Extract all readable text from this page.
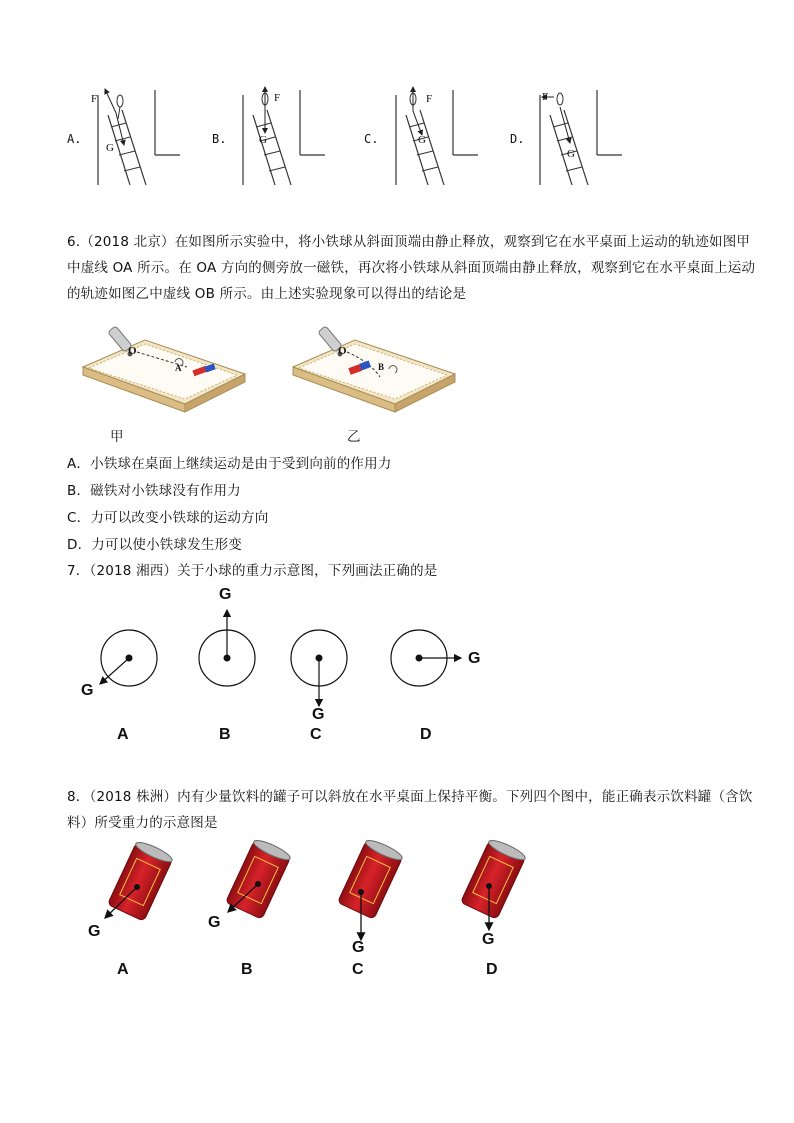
A.
F
G
B.
F
G	C.
F
G	D.
F
G
6.（2018 北京）在如图所示实验中，将小铁球从斜面顶端由静止释放，观察到它在水平桌面上运动的轨迹如图甲
中虚线 OA 所示。在 OA 方向的侧旁放一磁铁，再次将小铁球从斜面顶端由静止释放，观察到它在水平桌面上运动
的轨迹如图乙中虚线 OB 所示。由上述实验现象可以得出的结论是
O
A
甲
O
B
乙
A．小铁球在桌面上继续运动是由于受到向前的作用力
B．磁铁对小铁球没有作用力
C．力可以改变小铁球的运动方向
D．力可以使小铁球发生形变
7．（2018 湘西）关于小球的重力示意图，下列画法正确的是
G
G
G
G
A	B	C	D
8．（2018 株洲）内有少量饮料的罐子可以斜放在水平桌面上保持平衡。下列四个图中，能正确表示饮料罐（含饮
料）所受重力的示意图是
G
G
G	G
A	B	C	D
